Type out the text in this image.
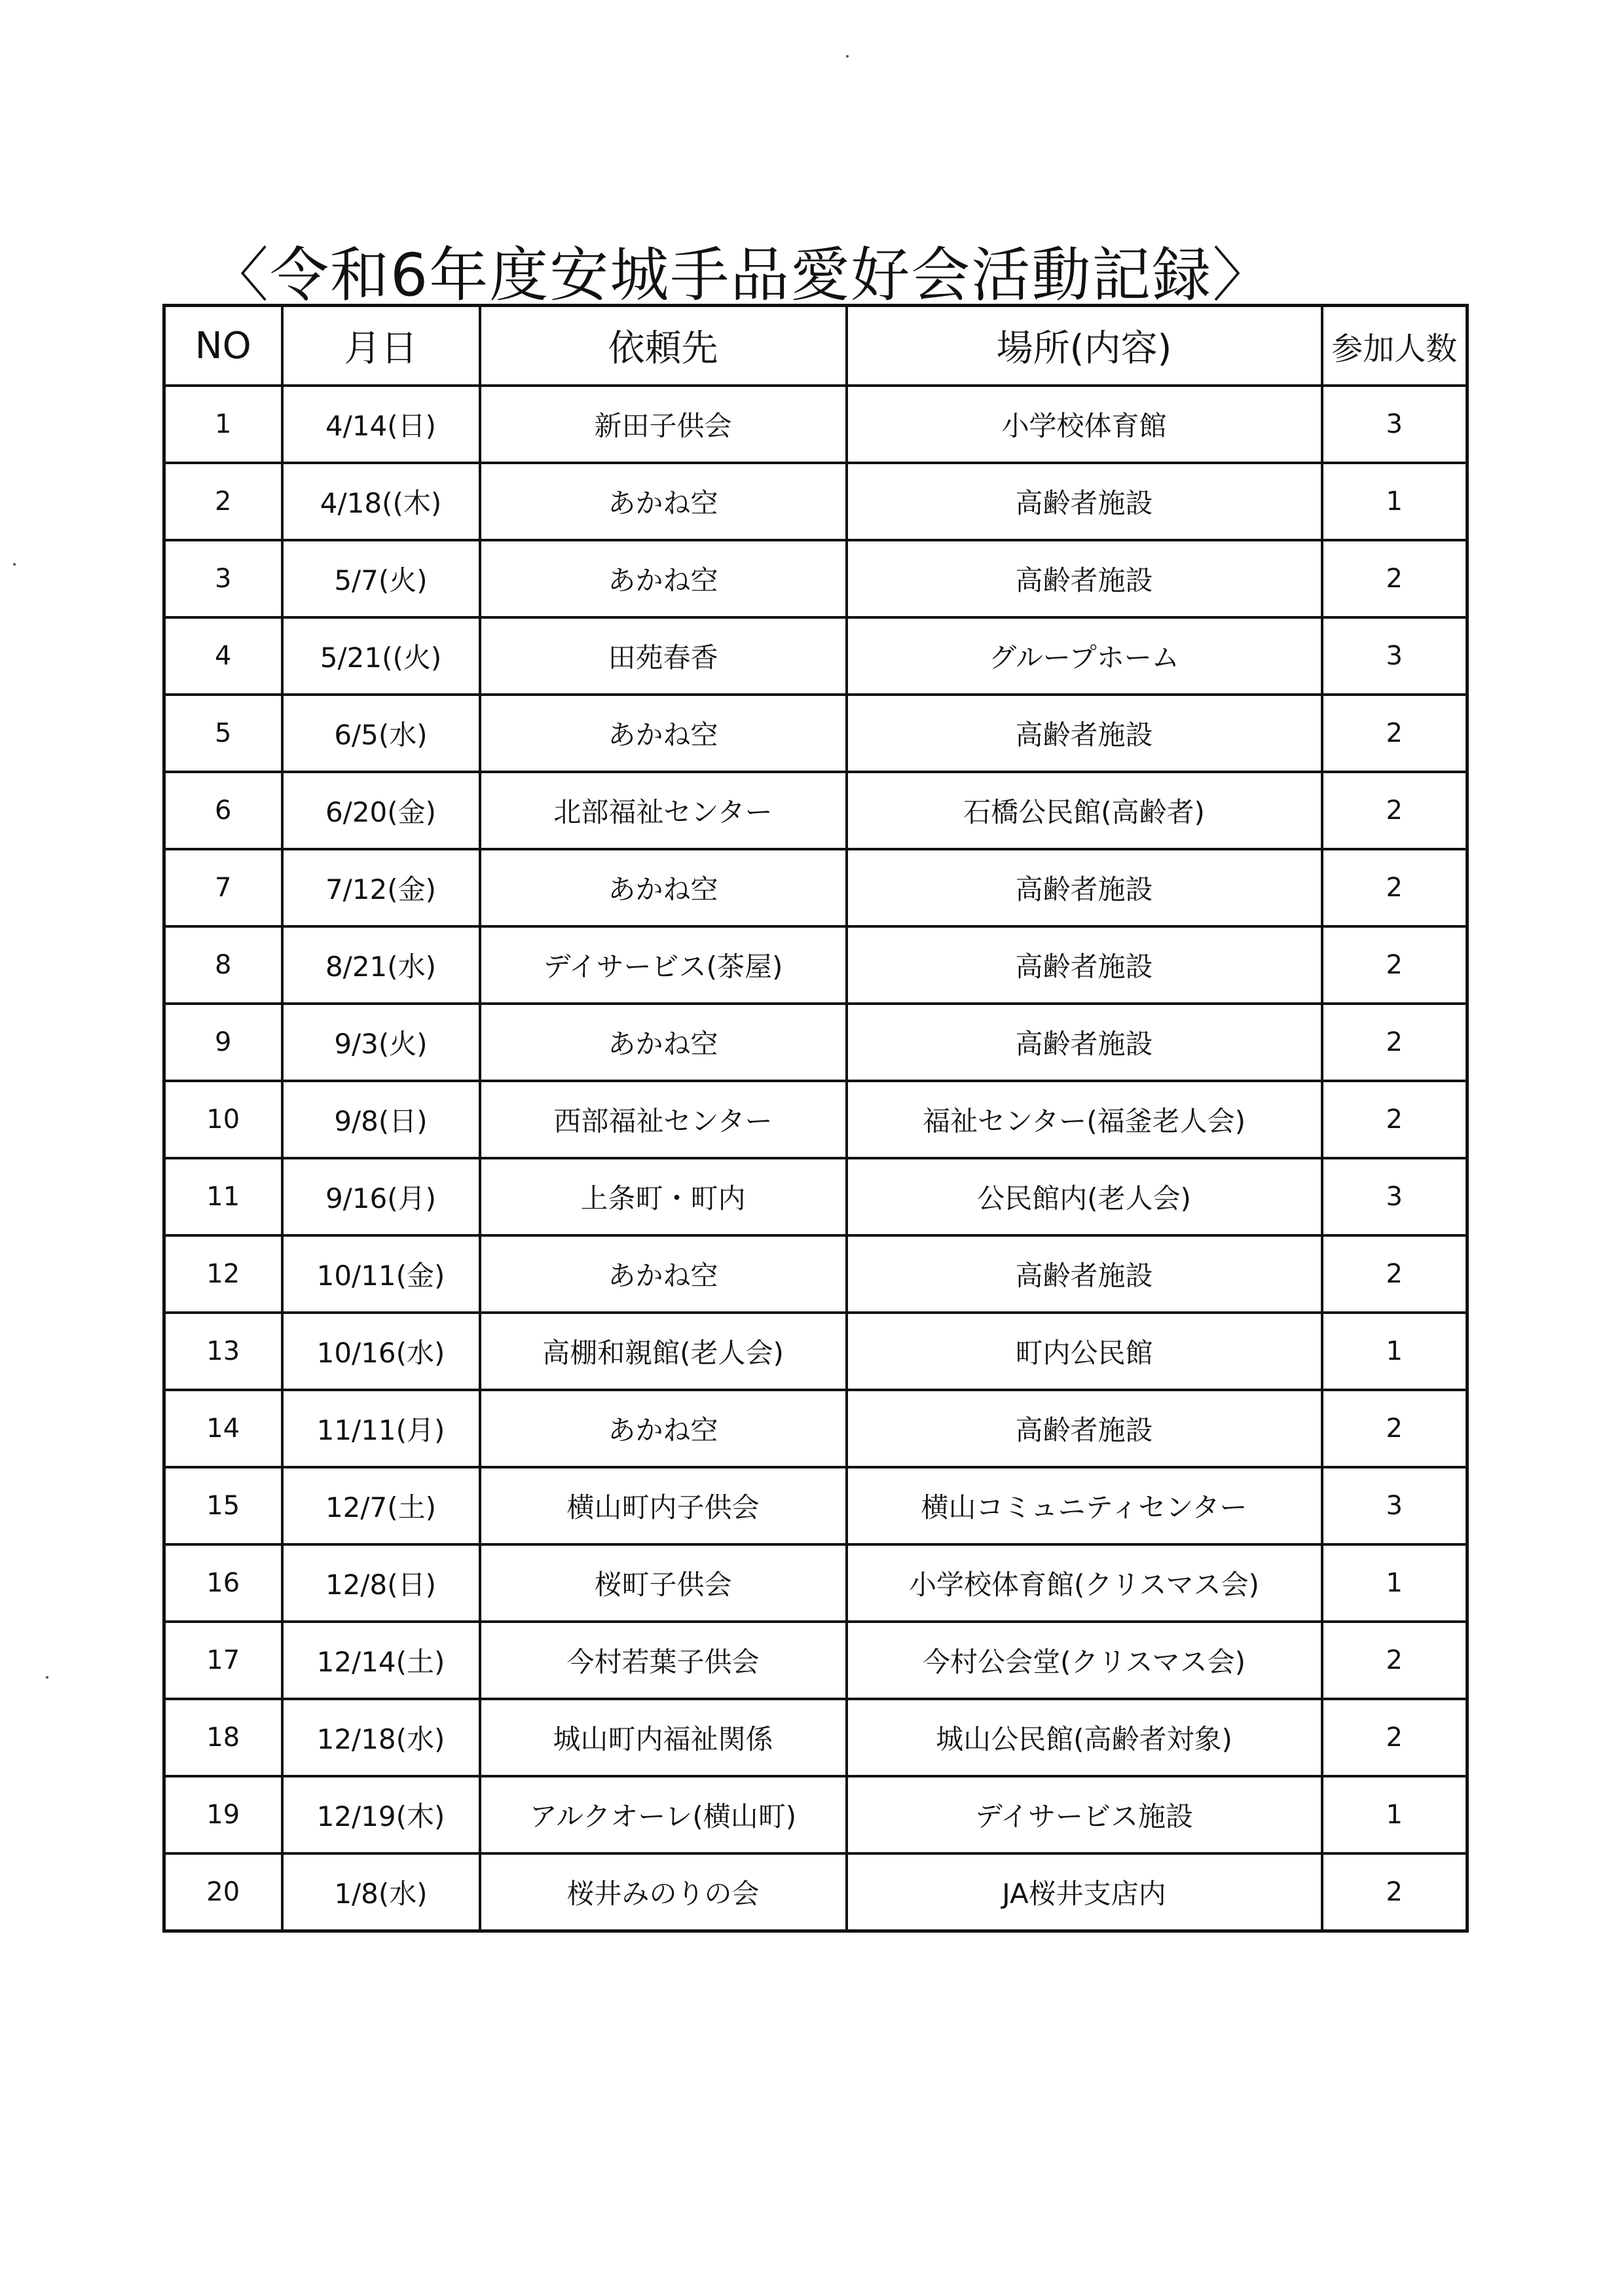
〈令和6年度安城手品愛好会活動記録〉
NO	月日	依頼先	場所(内容)	参加人数
1	4/14(日)	新田子供会	小学校体育館	3
2	4/18((木)	あかね空	高齢者施設	1
3	5/7(火)	あかね空	高齢者施設	2
4	5/21((火)	田苑春香	グループホーム	3
5	6/5(水)	あかね空	高齢者施設	2
6	6/20(金)	北部福祉センター	石橋公民館(高齢者)	2
7	7/12(金)	あかね空	高齢者施設	2
8	8/21(水)	デイサービス(茶屋)	高齢者施設	2
9	9/3(火)	あかね空	高齢者施設	2
10	9/8(日)	西部福祉センター	福祉センター(福釜老人会)	2
11	9/16(月)	上条町・町内	公民館内(老人会)	3
12	10/11(金)	あかね空	高齢者施設	2
13	10/16(水)	高棚和親館(老人会)	町内公民館	1
14	11/11(月)	あかね空	高齢者施設	2
15	12/7(土)	横山町内子供会	横山コミュニティセンター	3
16	12/8(日)	桜町子供会	小学校体育館(クリスマス会)	1
17	12/14(土)	今村若葉子供会	今村公会堂(クリスマス会)	2
18	12/18(水)	城山町内福祉関係	城山公民館(高齢者対象)	2
19	12/19(木)	アルクオーレ(横山町)	デイサービス施設	1
20	1/8(水)	桜井みのりの会	JA桜井支店内	2
